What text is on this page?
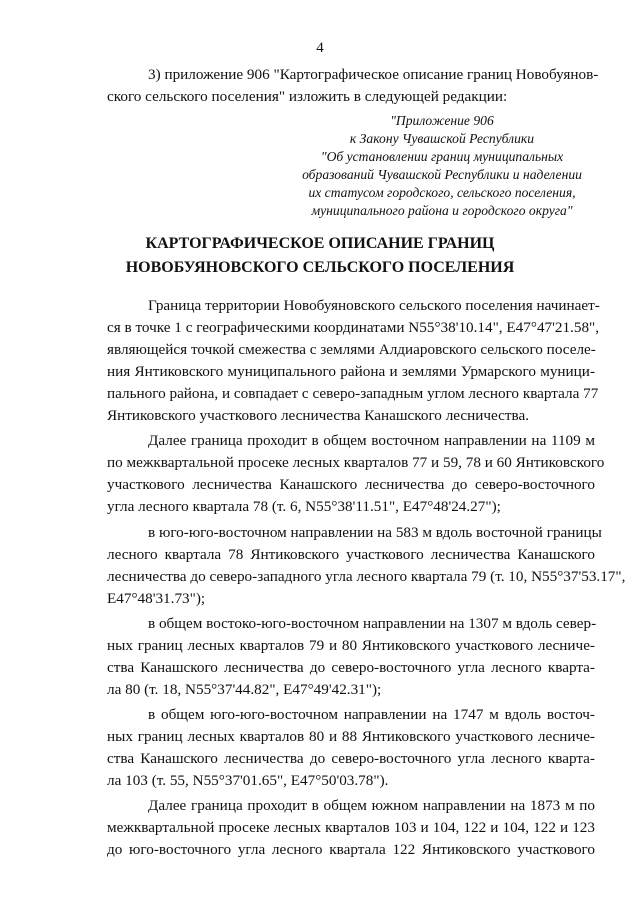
4
3) приложение 906 "Картографическое описание границ Новобуянов-
ского сельского поселения" изложить в следующей редакции:
"Приложение 906
к Закону Чувашской Республики
"Об установлении границ муниципальных
образований Чувашской Республики и наделении
их статусом городского, сельского поселения,
муниципального района и городского округа"
КАРТОГРАФИЧЕСКОЕ ОПИСАНИЕ ГРАНИЦ
НОВОБУЯНОВСКОГО СЕЛЬСКОГО ПОСЕЛЕНИЯ
Граница территории Новобуяновского сельского поселения начинает-
ся в точке 1 с географическими координатами N55°38'10.14", E47°47'21.58",
являющейся точкой смежества с землями Алдиаровского сельского поселе-
ния Янтиковского муниципального района и землями Урмарского муници-
пального района, и совпадает с северо-западным углом лесного квартала 77
Янтиковского участкового лесничества Канашского лесничества.
Далее граница проходит в общем восточном направлении на 1109 м
по межквартальной просеке лесных кварталов 77 и 59, 78 и 60 Янтиковского
участкового лесничества Канашского лесничества до северо-восточного
угла лесного квартала 78 (т. 6, N55°38'11.51", E47°48'24.27");
в юго-юго-восточном направлении на 583 м вдоль восточной границы
лесного квартала 78 Янтиковского участкового лесничества Канашского
лесничества до северо-западного угла лесного квартала 79 (т. 10, N55°37'53.17",
E47°48'31.73");
в общем востоко-юго-восточном направлении на 1307 м вдоль север-
ных границ лесных кварталов 79 и 80 Янтиковского участкового лесниче-
ства Канашского лесничества до северо-восточного угла лесного кварта-
ла 80 (т. 18, N55°37'44.82", E47°49'42.31");
в общем юго-юго-восточном направлении на 1747 м вдоль восточ-
ных границ лесных кварталов 80 и 88 Янтиковского участкового лесниче-
ства Канашского лесничества до северо-восточного угла лесного кварта-
ла 103 (т. 55, N55°37'01.65", E47°50'03.78").
Далее граница проходит в общем южном направлении на 1873 м по
межквартальной просеке лесных кварталов 103 и 104, 122 и 104, 122 и 123
до юго-восточного угла лесного квартала 122 Янтиковского участкового
